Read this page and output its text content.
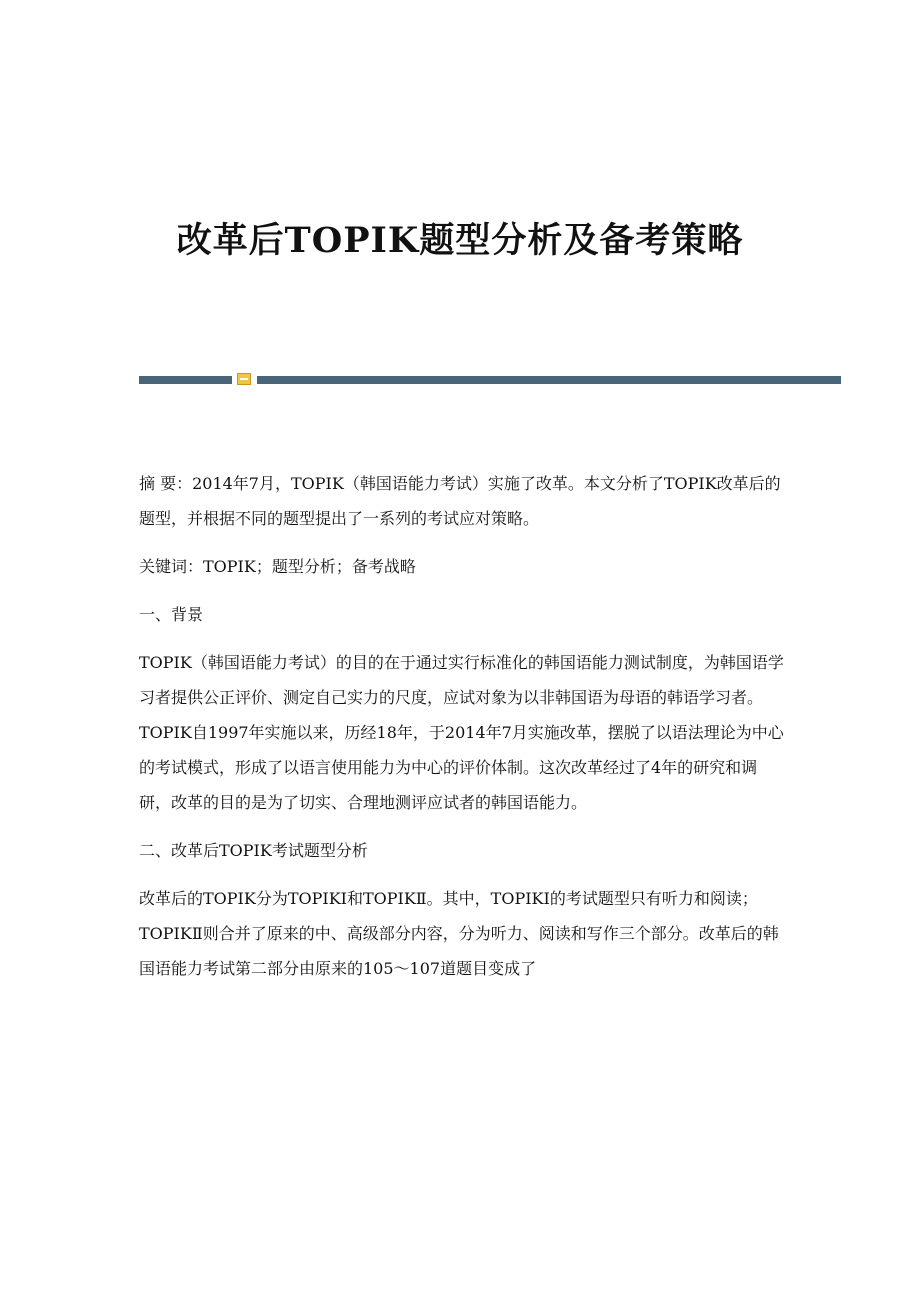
改革后TOPIK题型分析及备考策略

摘 要：2014年7月，TOPIK（韩国语能力考试）实施了改革。本文分析了TOPIK改革后的题型，并根据不同的题型提出了一系列的考试应对策略。

关键词：TOPIK；题型分析；备考战略

一、背景

TOPIK（韩国语能力考试）的目的在于通过实行标准化的韩国语能力测试制度，为韩国语学习者提供公正评价、测定自己实力的尺度，应试对象为以非韩国语为母语的韩语学习者。TOPIK自1997年实施以来，历经18年，于2014年7月实施改革，摆脱了以语法理论为中心的考试模式，形成了以语言使用能力为中心的评价体制。这次改革经过了4年的研究和调研，改革的目的是为了切实、合理地测评应试者的韩国语能力。

二、改革后TOPIK考试题型分析

改革后的TOPIK分为TOPIKⅠ和TOPIKⅡ。其中，TOPIKⅠ的考试题型只有听力和阅读；TOPIKⅡ则合并了原来的中、高级部分内容，分为听力、阅读和写作三个部分。改革后的韩国语能力考试第二部分由原来的105～107道题目变成了
